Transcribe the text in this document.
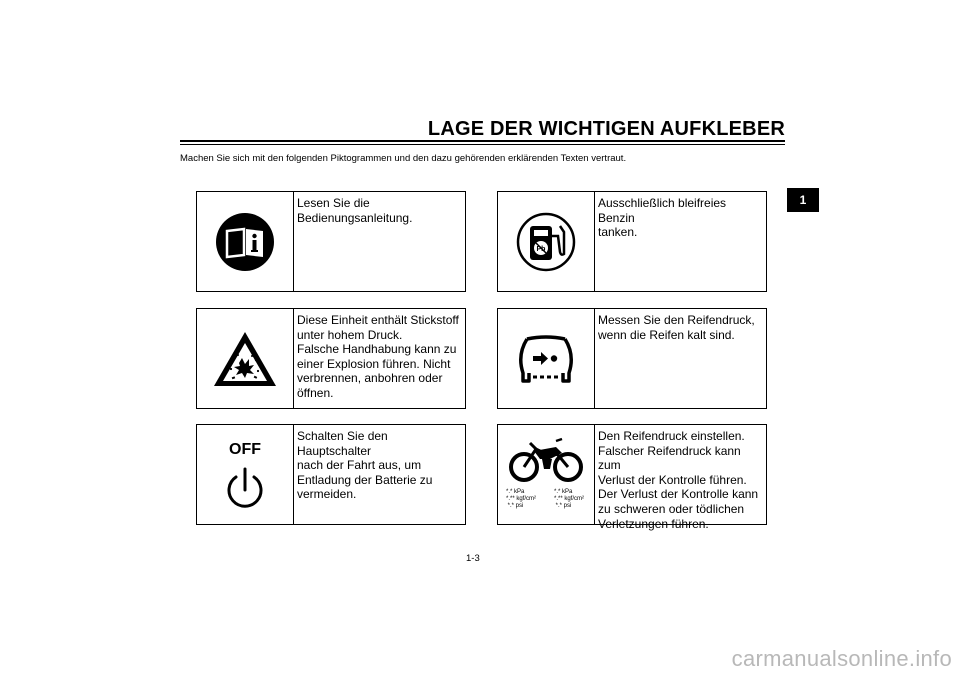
LAGE DER WICHTIGEN AUFKLEBER
Machen Sie sich mit den folgenden Piktogrammen und den dazu gehörenden erklärenden Texten vertraut.
1
Lesen Sie die
Bedienungsanleitung.
Diese Einheit enthält Stickstoff
unter hohem Druck.
Falsche Handhabung kann zu
einer Explosion führen. Nicht
verbrennen, anbohren oder
öffnen.
OFF
Schalten Sie den Hauptschalter
nach der Fahrt aus, um
Entladung der Batterie zu
vermeiden.
Pb
Ausschließlich bleifreies Benzin
tanken.
Messen Sie den Reifendruck,
wenn die Reifen kalt sind.
*.* kPa
*.** kgf/cm²
*.* psi
*.* kPa
*.** kgf/cm²
*.* psi
Den Reifendruck einstellen.
Falscher Reifendruck kann zum
Verlust der Kontrolle führen.
Der Verlust der Kontrolle kann
zu schweren oder tödlichen
Verletzungen führen.
1-3
carmanualsonline.info
